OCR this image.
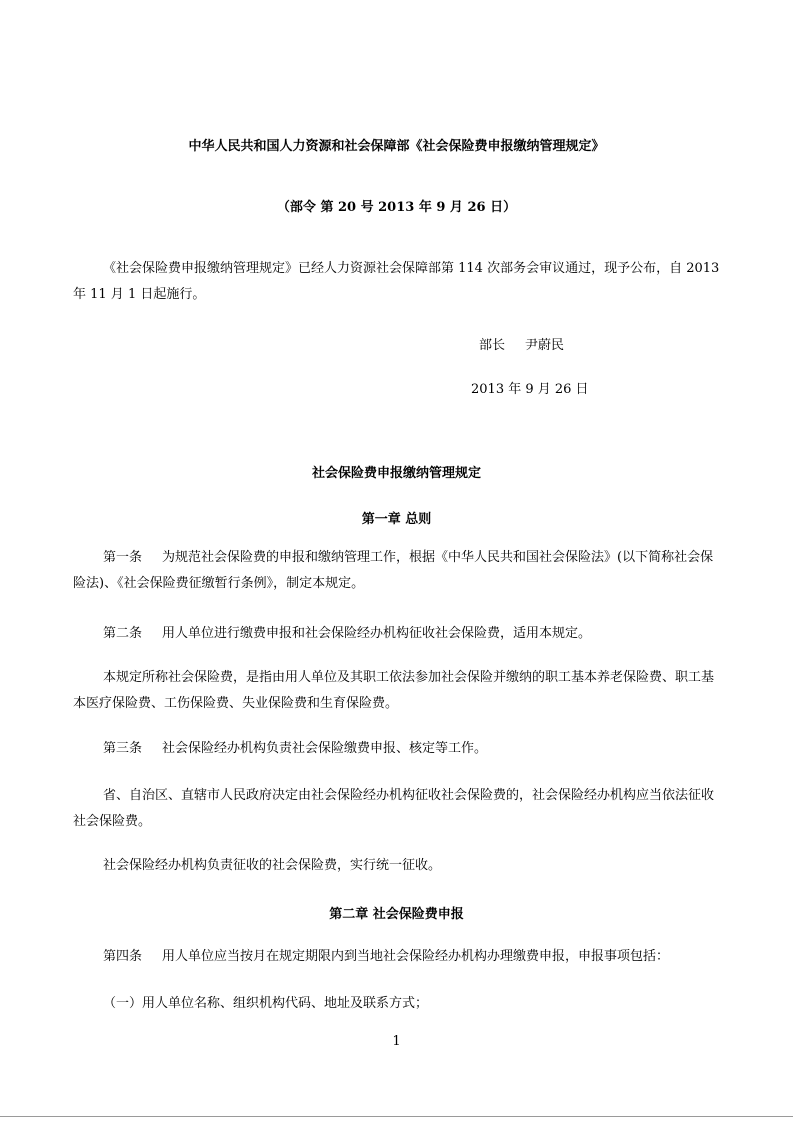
中华人民共和国人力资源和社会保障部《社会保险费申报缴纳管理规定》
（部令 第 20 号 2013 年 9 月 26 日）

《社会保险费申报缴纳管理规定》已经人力资源社会保障部第 114 次部务会审议通过，现予公布，自 2013 年 11 月 1 日起施行。

部长 尹蔚民
2013 年 9 月 26 日
社会保险费申报缴纳管理规定
第一章 总则

第一条 为规范社会保险费的申报和缴纳管理工作，根据《中华人民共和国社会保险法》(以下简称社会保险法)、《社会保险费征缴暂行条例》，制定本规定。

第二条 用人单位进行缴费申报和社会保险经办机构征收社会保险费，适用本规定。

本规定所称社会保险费，是指由用人单位及其职工依法参加社会保险并缴纳的职工基本养老保险费、职工基本医疗保险费、工伤保险费、失业保险费和生育保险费。

第三条 社会保险经办机构负责社会保险缴费申报、核定等工作。

省、自治区、直辖市人民政府决定由社会保险经办机构征收社会保险费的，社会保险经办机构应当依法征收社会保险费。

社会保险经办机构负责征收的社会保险费，实行统一征收。

第二章 社会保险费申报

第四条 用人单位应当按月在规定期限内到当地社会保险经办机构办理缴费申报，申报事项包括：

（一）用人单位名称、组织机构代码、地址及联系方式；

1
